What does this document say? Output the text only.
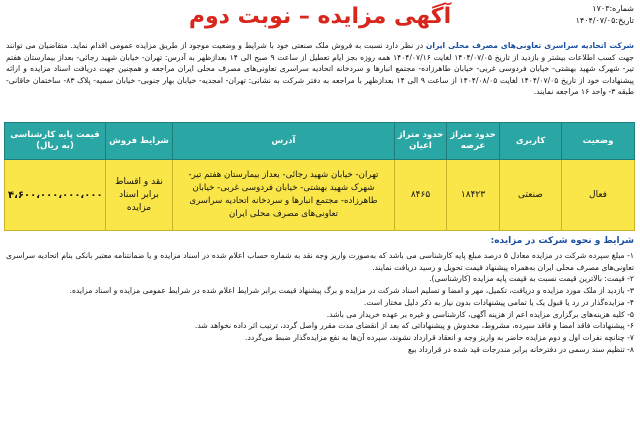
شماره:۱۷۰۳
تاریخ:۱۴۰۴/۰۷/۰۵
آگهی مزایده – نوبت دوم
شرکت اتحادیه سراسری تعاونی‌های مصرف محلی ایران در نظر دارد نسبت به فروش ملک صنعتی خود با شرایط و وضعیت موجود از طریق مزایده عمومی اقدام نماید. متقاضیان می توانند جهت کسب اطلاعات بیشتر و بازدید از تاریخ ۱۴۰۴/۰۷/۰۵ لغایت ۱۴۰۴/۰۷/۱۶ همه روزه بجز ایام تعطیل از ساعت ۹ صبح الی ۱۴ بعدازظهر به آدرس: تهران- خیابان شهید رجائی- بعداز بیمارستان هفتم تیر- شهرک شهید بهشتی- خیابان فردوسی غربی- خیابان طاهرزاده- مجتمع انبارها و سردخانه اتحادیه سراسری تعاونی‌های مصرف محلی ایران مراجعه و همچنین جهت دریافت اسناد مزایده و ارائه پیشنهادات خود از تاریخ ۱۴۰۴/۰۷/۰۵ لغایت ۱۴۰۴/۰۸/۰۵ از ساعت ۹ الی ۱۴ بعدازظهر با مراجعه به دفتر شرکت به نشانی: تهران- امجدیه- خیابان بهار جنوبی- خیابان سمیه- پلاک ۸۳- ساختمان خاقانی- طبقه ۳- واحد ۱۶ مراجعه نمایند.
وضعیت	کاربری	حدود متراژ عرصه	حدود متراژ اعیان	آدرس	شرایط فروش	قیمت پایه کارشناسی (به ریال)
فعال	صنعتی	۱۸۴۲۳	۸۴۶۵	تهران- خیابان شهید رجائی- بعداز بیمارستان هفتم تیر- شهرک شهید بهشتی- خیابان فردوسی غربی- خیابان طاهرزاده- مجتمع انبارها و سردخانه اتحادیه سراسری تعاونی‌های مصرف محلی ایران	نقد و اقساط برابر اسناد مزایده	۴،۶۰۰،۰۰۰،۰۰۰،۰۰۰
شرایط و نحوه شرکت در مزایده:
۱- مبلغ سپرده شرکت در مزایده معادل ۵ درصد مبلغ پایه کارشناسی می باشد که به‌صورت واریز وجه نقد به شماره حساب اعلام شده در اسناد مزایده و یا ضمانتنامه معتبر بانکی بنام اتحادیه سراسری تعاونی‌های مصرف محلی ایران به‌همراه پیشنهاد قیمت تحویل و رسید دریافت نمایند.
۲- قیمت: بالاترین قیمت نسبت به قیمت پایه مزایده (کارشناسی).
۳- بازدید از ملک مورد مزایده و دریافت، تکمیل، مهر و امضا و تسلیم اسناد شرکت در مزایده و برگ پیشنهاد قیمت برابر شرایط اعلام شده در شرایط عمومی مزایده و اسناد مزایده.
۴- مزایده‌گذار در رد یا قبول یک یا تمامی پیشنهادات بدون نیاز به ذکر دلیل مختار است.
۵- کلیه هزینه‌های برگزاری مزایده اعم از هزینه آگهی، کارشناسی و غیره بر عهده خریدار می باشد.
۶- پیشنهادات فاقد امضا و فاقد سپرده، مشروط، مخدوش و پیشنهاداتی که بعد از انقضای مدت مقرر واصل گردد، ترتیب اثر داده نخواهد شد.
۷- چنانچه نفرات اول و دوم مزایده حاضر به واریز وجه و انعقاد قرارداد نشوند، سپرده آن‌ها به نفع مزایده‌گذار ضبط می‌گردد.
۸- تنظیم سند رسمی در دفترخانه برابر مندرجات قید شده در قرارداد بیع
